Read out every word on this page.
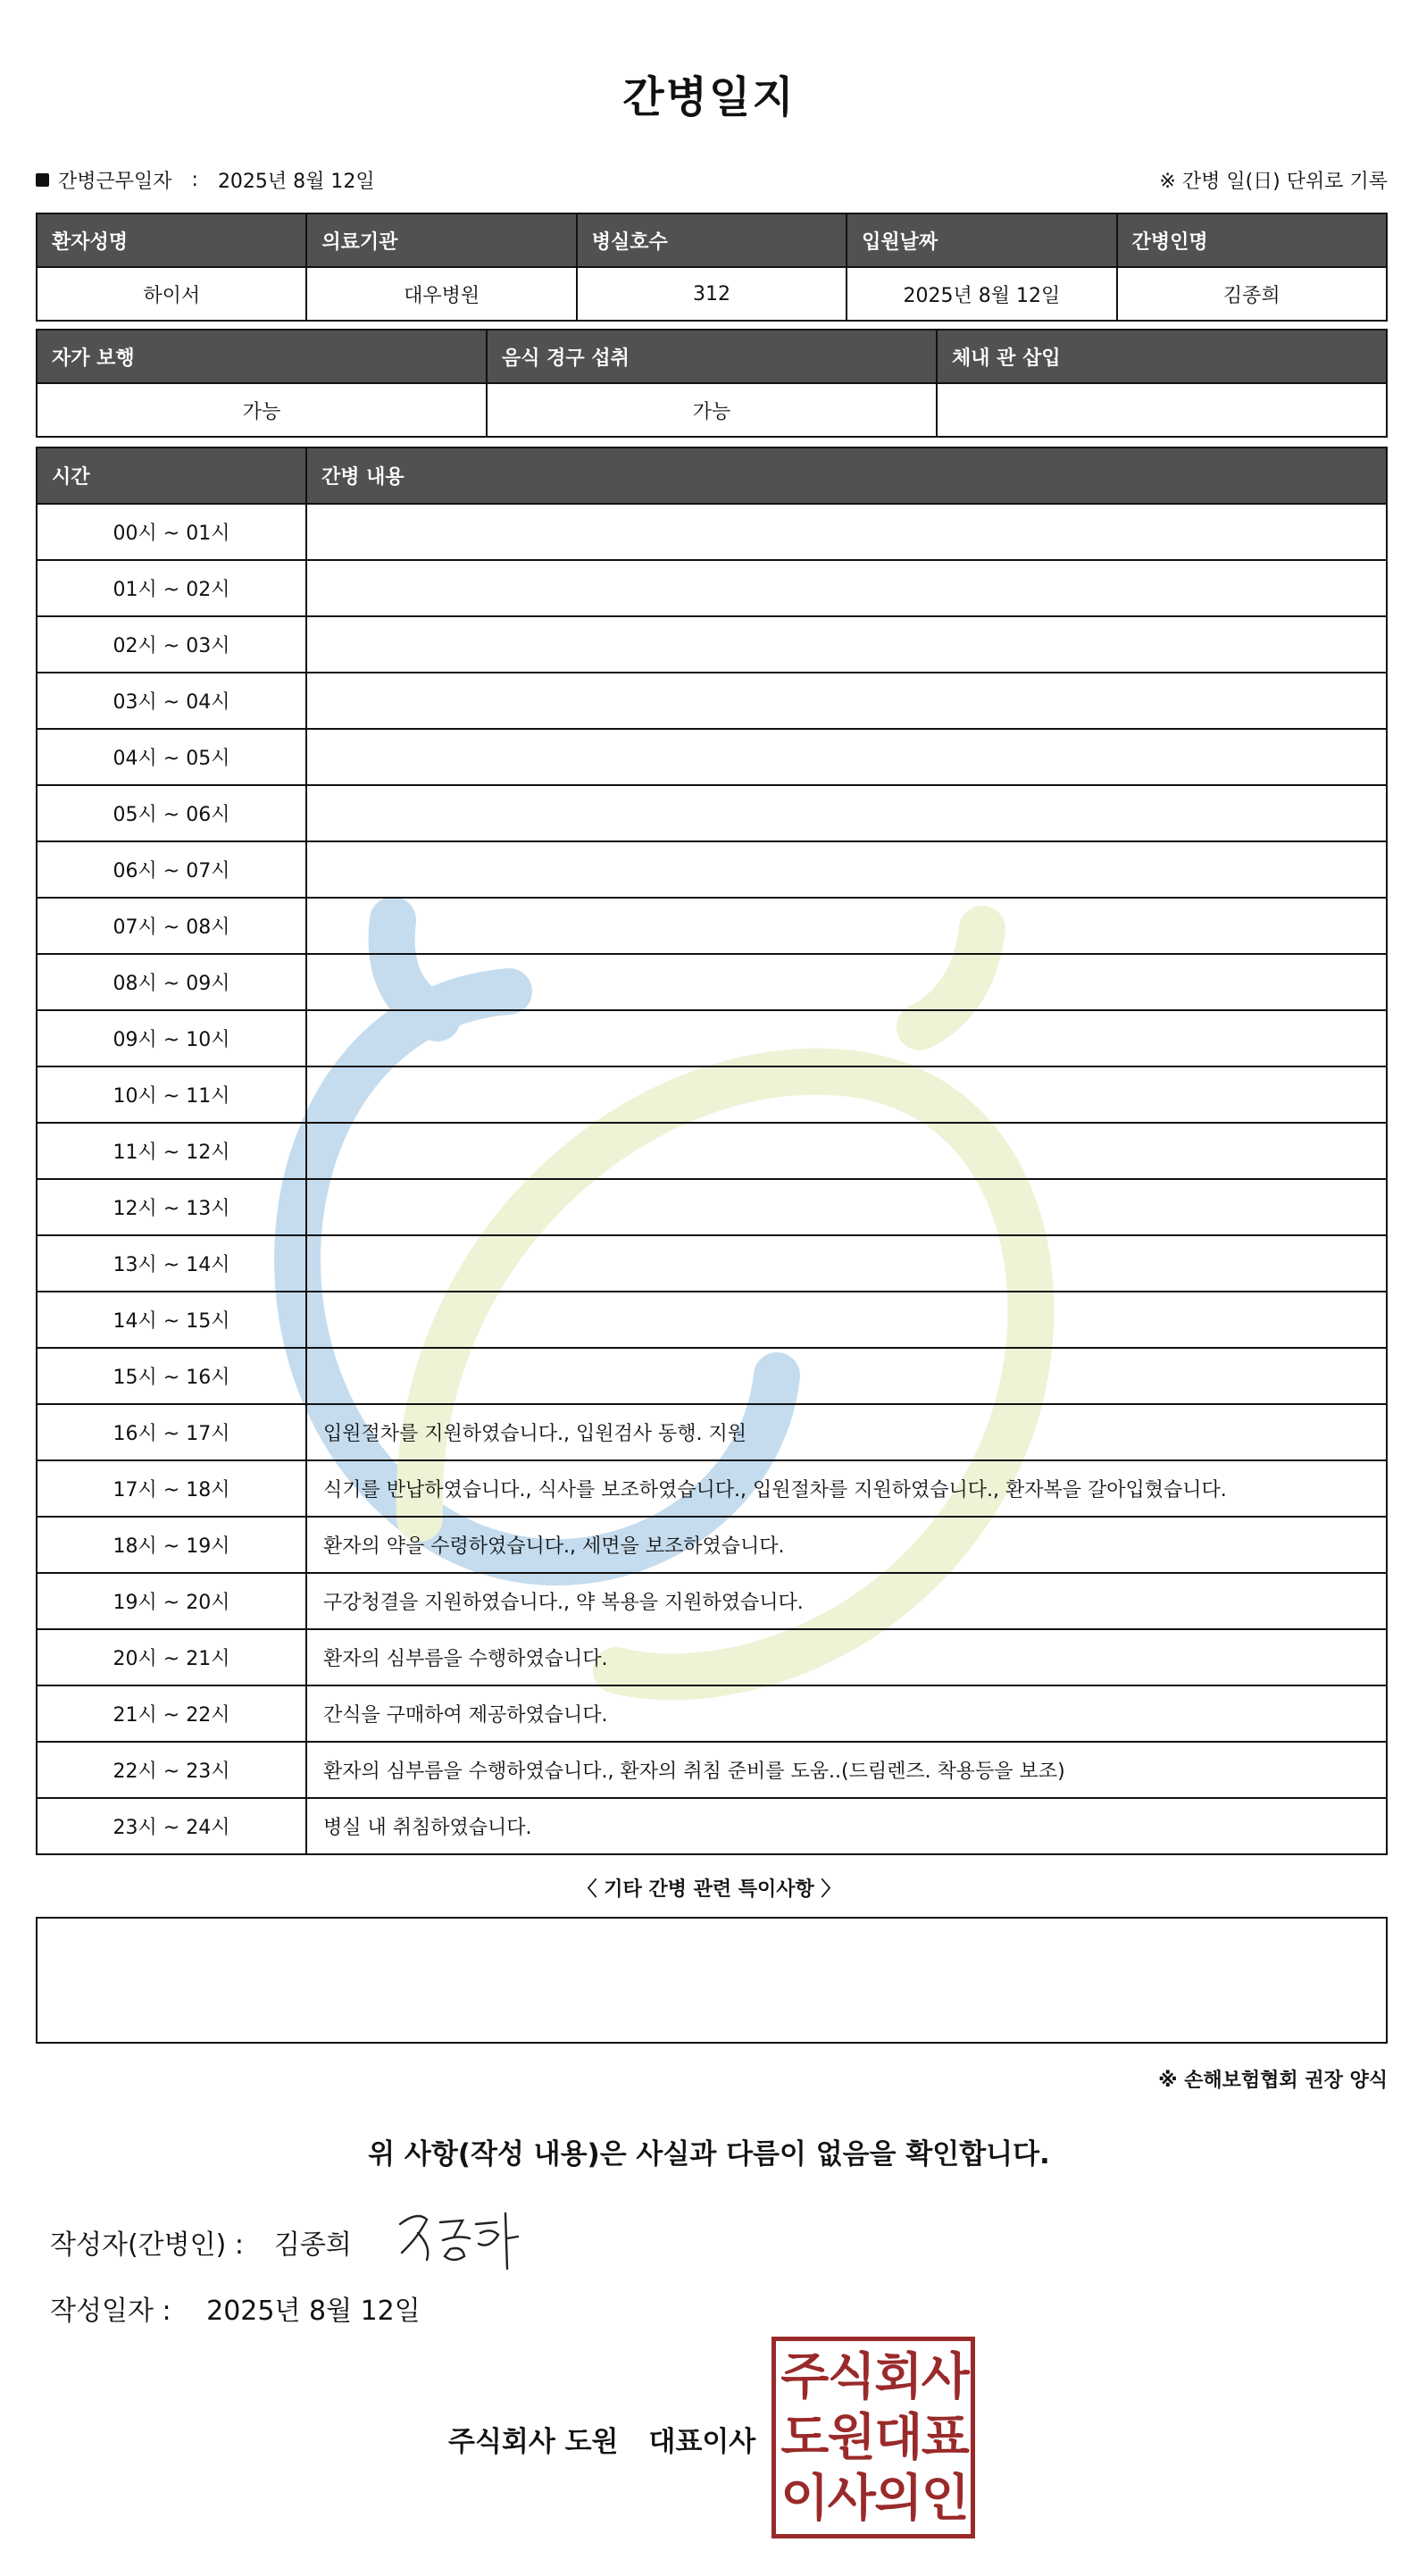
간병일지
간병근무일자 : 2025년 8월 12일	※ 간병 일(日) 단위로 기록
환자성명	의료기관	병실호수	입원날짜	간병인명
하이서	대우병원	312	2025년 8월 12일	김종희
자가 보행	음식 경구 섭취	체내 관 삽입
가능	가능	
시간	간병 내용
00시 ~ 01시	
01시 ~ 02시	
02시 ~ 03시	
03시 ~ 04시	
04시 ~ 05시	
05시 ~ 06시	
06시 ~ 07시	
07시 ~ 08시	
08시 ~ 09시	
09시 ~ 10시	
10시 ~ 11시	
11시 ~ 12시	
12시 ~ 13시	
13시 ~ 14시	
14시 ~ 15시	
15시 ~ 16시	
16시 ~ 17시	입원절차를 지원하였습니다., 입원검사 동행. 지원
17시 ~ 18시	식기를 반납하였습니다., 식사를 보조하였습니다., 입원절차를 지원하였습니다., 환자복을 갈아입혔습니다.
18시 ~ 19시	환자의 약을 수령하였습니다., 세면을 보조하였습니다.
19시 ~ 20시	구강청결을 지원하였습니다., 약 복용을 지원하였습니다.
20시 ~ 21시	환자의 심부름을 수행하였습니다.
21시 ~ 22시	간식을 구매하여 제공하였습니다.
22시 ~ 23시	환자의 심부름을 수행하였습니다., 환자의 취침 준비를 도움..(드림렌즈. 착용등을 보조)
23시 ~ 24시	병실 내 취침하였습니다.
〈 기타 간병 관련 특이사항 〉
※ 손해보험협회 권장 양식
위 사항(작성 내용)은 사실과 다름이 없음을 확인합니다.
작성자(간병인) : 김종희
작성일자 : 2025년 8월 12일
주식회사 도원 대표이사
주 식 회 사
도 원 대 표
이 사 의 인
